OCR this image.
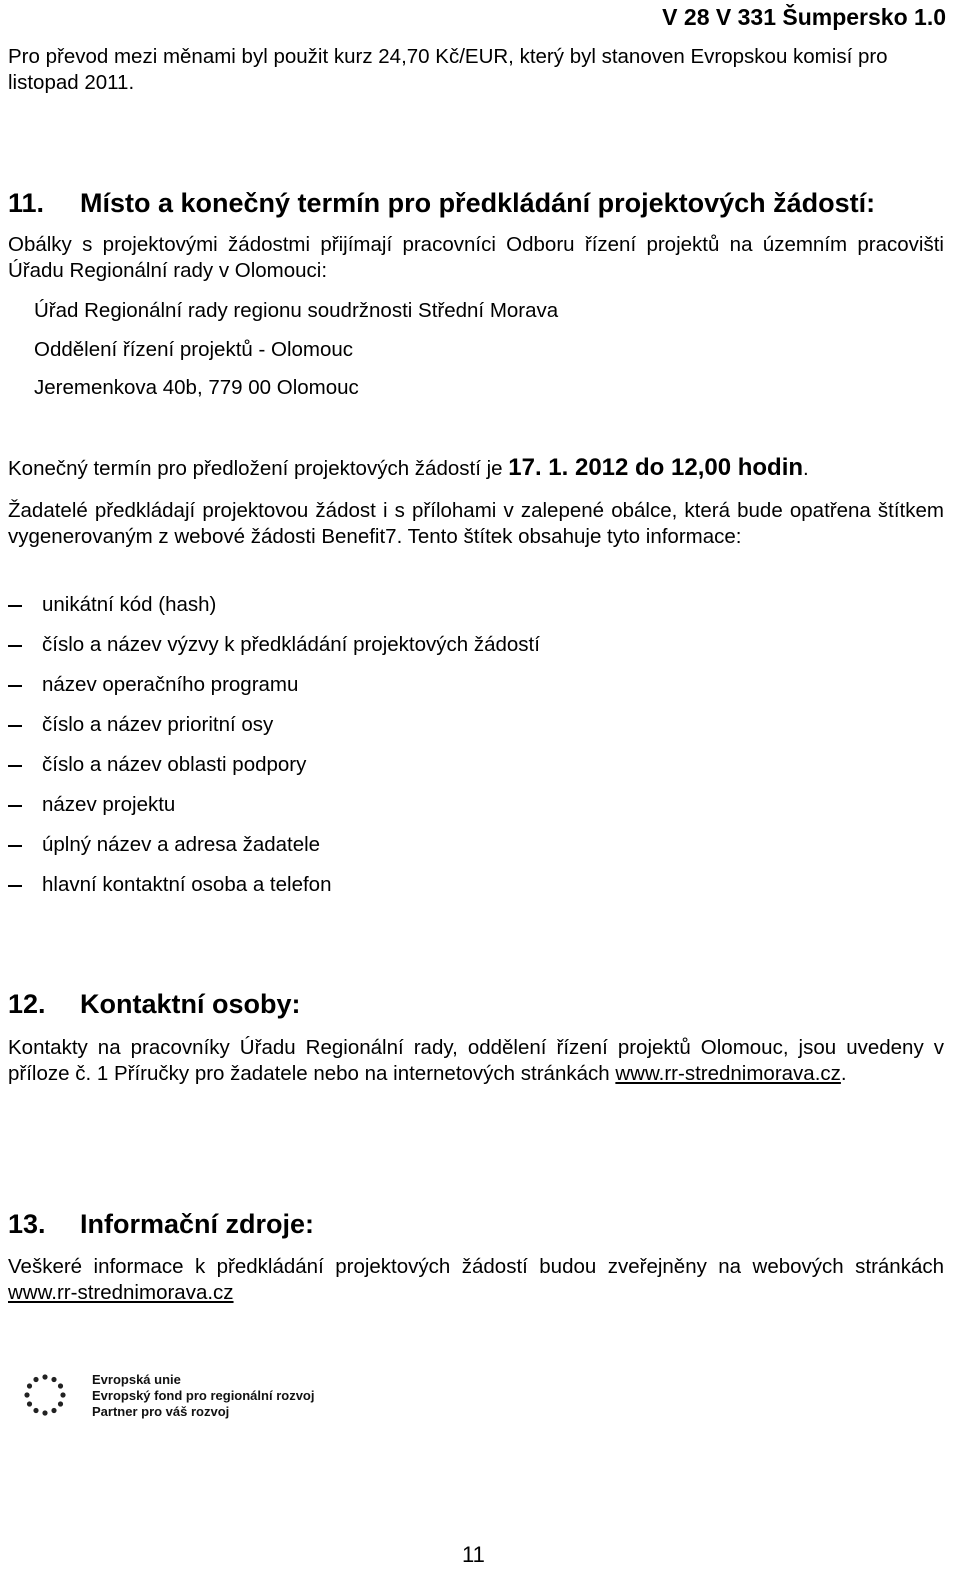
V 28 V 331 Šumpersko 1.0
Pro převod mezi měnami byl použit kurz 24,70 Kč/EUR, který byl stanoven Evropskou komisí pro listopad 2011.
11. Místo a konečný termín pro předkládání projektových žádostí:
Obálky s projektovými žádostmi přijímají pracovníci Odboru řízení projektů na územním pracovišti Úřadu Regionální rady v Olomouci:
Úřad Regionální rady regionu soudržnosti Střední Morava
Oddělení řízení projektů - Olomouc
Jeremenkova 40b, 779 00 Olomouc
Konečný termín pro předložení projektových žádostí je 17. 1. 2012 do 12,00 hodin.
Žadatelé předkládají projektovou žádost i s přílohami v zalepené obálce, která bude opatřena štítkem vygenerovaným z webové žádosti Benefit7. Tento štítek obsahuje tyto informace:
unikátní kód (hash)
číslo a název výzvy k předkládání projektových žádostí
název operačního programu
číslo a název prioritní osy
číslo a název oblasti podpory
název projektu
úplný název a adresa žadatele
hlavní kontaktní osoba a telefon
12. Kontaktní osoby:
Kontakty na pracovníky Úřadu Regionální rady, oddělení řízení projektů Olomouc, jsou uvedeny v příloze č. 1 Příručky pro žadatele nebo na internetových stránkách www.rr-strednimorava.cz.
13. Informační zdroje:
Veškeré informace k předkládání projektových žádostí budou zveřejněny na webových stránkách www.rr-strednimorava.cz
Evropská unie
Evropský fond pro regionální rozvoj
Partner pro váš rozvoj
11
